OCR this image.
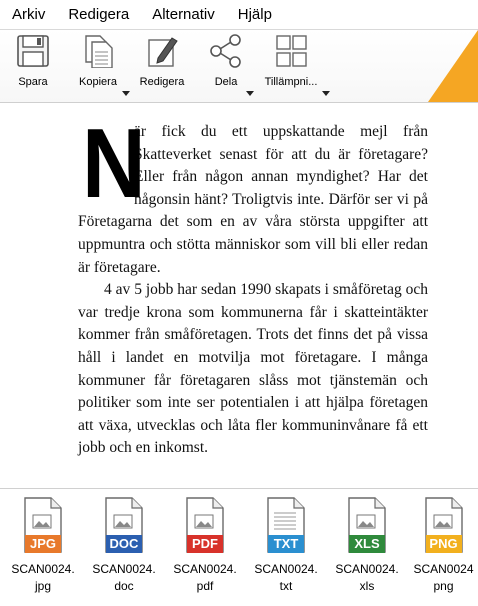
Arkiv Redigera Alternativ Hjälp
Spara	Kopiera Redigera	Dela Tillämpni...
N

är fick du ett uppskattande mejl från Skatteverket senast för att du är företagare? Eller från någon annan myndighet? Har det någonsin hänt? Troligtvis inte. Därför ser vi på Företagarna det som en av våra största uppgifter att uppmuntra och stötta människor som vill bli eller redan är företagare.

4 av 5 jobb har sedan 1990 skapats i småföretag och var tredje krona som kommunerna får i skatteintäkter kommer från småföretagen. Trots det finns det på vissa håll i landet en motvilja mot företagare. I många kommuner får företagaren slåss mot tjänstemän och politiker som inte ser potentialen i att hjälpa företagen att växa, utvecklas och låta fler kommuninvånare få ett jobb och en inkomst.

JPG
SCAN0024.
jpg
DOC
SCAN0024.
doc
PDF
SCAN0024.
pdf
TXT
SCAN0024.
txt
XLS
SCAN0024.
xls
PNG
SCAN0024
png
